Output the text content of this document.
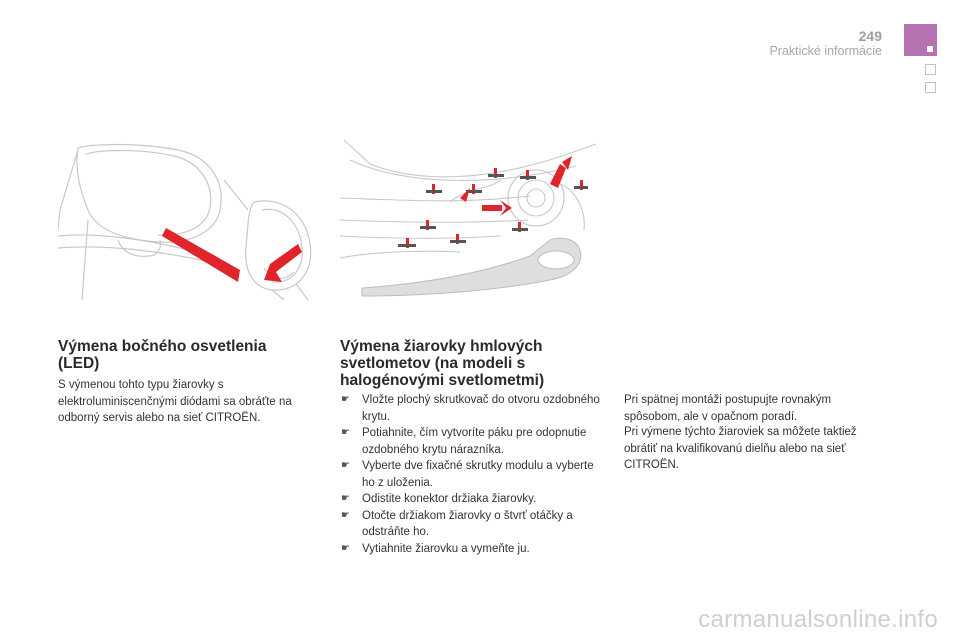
249
Praktické informácie
Výmena bočného osvetlenia (LED)

S výmenou tohto typu žiarovky s elektroluminiscenčnými diódami sa obráťte na odborný servis alebo na sieť CITROËN.

Výmena žiarovky hmlových svetlometov (na modeli s halogénovými svetlometmi)
☛ Vložte plochý skrutkovač do otvoru ozdobného krytu.
☛ Potiahnite, čím vytvoríte páku pre odopnutie ozdobného krytu nárazníka.
☛ Vyberte dve fixačné skrutky modulu a vyberte ho z uloženia.
☛ Odistite konektor držiaka žiarovky.
☛ Otočte držiakom žiarovky o štvrť otáčky a odstráňte ho.
☛ Vytiahnite žiarovku a vymeňte ju.

Pri spätnej montáži postupujte rovnakým spôsobom, ale v opačnom poradí.

Pri výmene týchto žiaroviek sa môžete taktiež obrátiť na kvalifikovanú dielňu alebo na sieť CITROËN.

carmanualsonline.info
